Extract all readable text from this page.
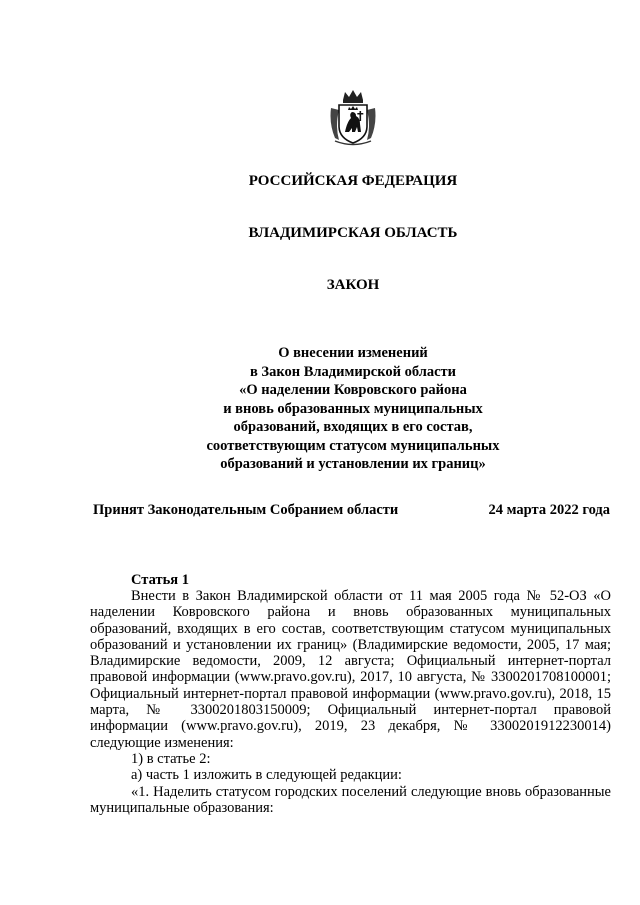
РОССИЙСКАЯ ФЕДЕРАЦИЯ
ВЛАДИМИРСКАЯ ОБЛАСТЬ
ЗАКОН
О внесении изменений
в Закон Владимирской области
«О наделении Ковровского района
и вновь образованных муниципальных
образований, входящих в его состав,
соответствующим статусом муниципальных
образований и установлении их границ»
Принят Законодательным Собранием области	24 марта 2022 года
Статья 1

Внести в Закон Владимирской области от 11 мая 2005 года № 52-ОЗ «О наделении Ковровского района и вновь образованных муниципальных образований, входящих в его состав, соответствующим статусом муниципальных образований и установлении их границ» (Владимирские ведомости, 2005, 17 мая; Владимирские ведомости, 2009, 12 августа; Официальный интернет-портал правовой информации (www.pravo.gov.ru), 2017, 10 августа, № 3300201708100001; Официальный интернет-портал правовой информации (www.pravo.gov.ru), 2018, 15 марта, № 3300201803150009; Официальный интернет-портал правовой информации (www.pravo.gov.ru), 2019, 23 декабря, № 3300201912230014) следующие изменения:

1) в статье 2:

а) часть 1 изложить в следующей редакции:

«1. Наделить статусом городских поселений следующие вновь образованные муниципальные образования:
